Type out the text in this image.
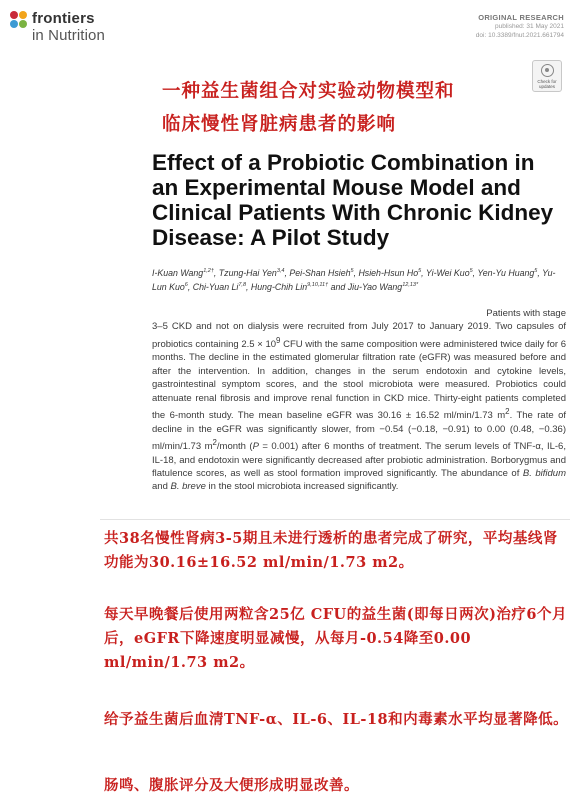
frontiers
in Nutrition
ORIGINAL RESEARCH
published: 31 May 2021
doi: 10.3389/fnut.2021.661794
Check for
updates
一种益生菌组合对实验动物模型和
临床慢性肾脏病患者的影响
Effect of a Probiotic Combination in an Experimental Mouse Model and Clinical Patients With Chronic Kidney Disease: A Pilot Study
I-Kuan Wang$^{1,2\dagger}$, Tzung-Hai Yen$^{3,4}$, Pei-Shan Hsieh$^5$, Hsieh-Hsun Ho$^5$, Yi-Wei Kuo$^5$, Yen-Yu Huang$^5$, Yu-Lun Kuo$^6$, Chi-Yuan Li$^{7,8}$, Hung-Chih Lin$^{9,10,11\dagger}$ and Jiu-Yao Wang$^{12,13*}$
Patients with stage
3–5 CKD and not on dialysis were recruited from July 2017 to January 2019. Two capsules of probiotics containing $2.5 \times 10^9$ CFU with the same composition were administered twice daily for 6 months. The decline in the estimated glomerular filtration rate (eGFR) was measured before and after the intervention. In addition, changes in the serum endotoxin and cytokine levels, gastrointestinal symptom scores, and the stool microbiota were measured. Probiotics could attenuate renal fibrosis and improve renal function in CKD mice. Thirty-eight patients completed the 6-month study. The mean baseline eGFR was 30.16 ± 16.52 ml/min/1.73 $m^2$. The rate of decline in the eGFR was significantly slower, from −0.54 (−0.18, −0.91) to 0.00 (0.48, −0.36) ml/min/1.73 $m^2$/month (P = 0.001) after 6 months of treatment. The serum levels of TNF-α, IL-6, IL-18, and endotoxin were significantly decreased after probiotic administration. Borborygmus and flatulence scores, as well as stool formation improved significantly. The abundance of B. bifidum and B. breve in the stool microbiota increased significantly.
共38名慢性肾病3-5期且未进行透析的患者完成了研究，平均基线肾功能为30.16±16.52 ml/min/1.73 m2。
每天早晚餐后使用两粒含25亿 CFU的益生菌(即每日两次)治疗6个月后，eGFR下降速度明显减慢，从每月-0.54降至0.00 ml/min/1.73 m2。
给予益生菌后血清TNF-α、IL-6、IL-18和内毒素水平均显著降低。
肠鸣、腹胀评分及大便形成明显改善。
